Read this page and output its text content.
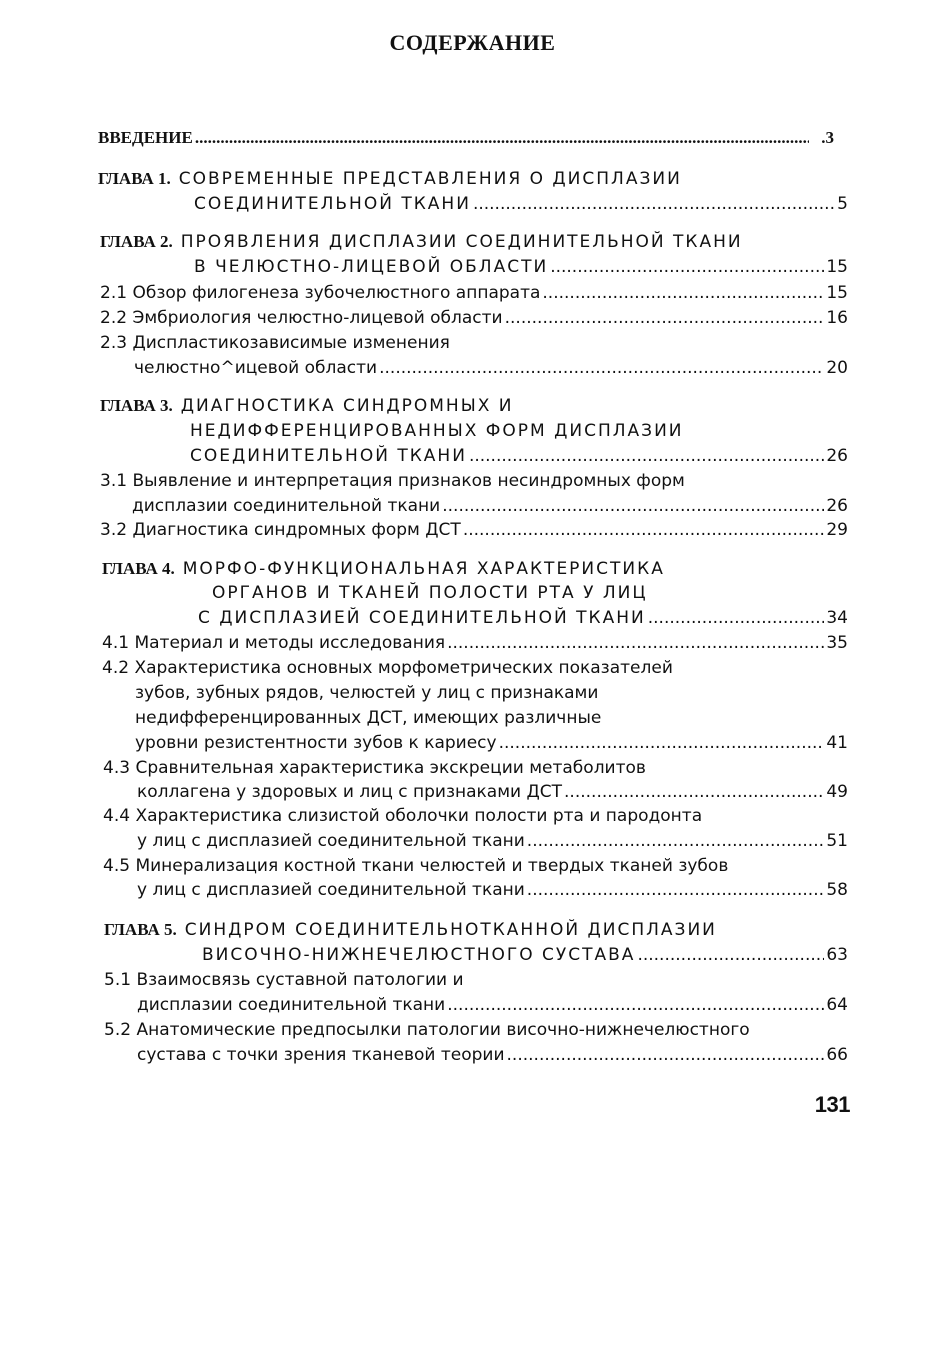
СОДЕРЖАНИЕ
ВВЕДЕНИЕ .....	.3
ГЛАВА 1. СОВРЕМЕННЫЕ ПРЕДСТАВЛЕНИЯ О ДИСПЛАЗИИ
СОЕДИНИТЕЛЬНОЙ ТКАНИ .....	5
ГЛАВА 2. ПРОЯВЛЕНИЯ ДИСПЛАЗИИ СОЕДИНИТЕЛЬНОЙ ТКАНИ
В ЧЕЛЮСТНО-ЛИЦЕВОЙ ОБЛАСТИ .....	15
2.1 Обзор филогенеза зубочелюстного аппарата .....	15
2.2 Эмбриология челюстно-лицевой области .....	16
2.3 Диспластикозависимые изменения
челюстно^ицевой области .....	20
ГЛАВА 3. ДИАГНОСТИКА СИНДРОМНЫХ И
НЕДИФФЕРЕНЦИРОВАННЫХ ФОРМ ДИСПЛАЗИИ
СОЕДИНИТЕЛЬНОЙ ТКАНИ .....	26
3.1 Выявление и интерпретация признаков несиндромных форм
дисплазии соединительной ткани .....	26
3.2 Диагностика синдромных форм ДСТ .....	29
ГЛАВА 4. МОРФО-ФУНКЦИОНАЛЬНАЯ ХАРАКТЕРИСТИКА
ОРГАНОВ И ТКАНЕЙ ПОЛОСТИ РТА У ЛИЦ
С ДИСПЛАЗИЕЙ СОЕДИНИТЕЛЬНОЙ ТКАНИ .....	34
4.1 Материал и методы исследования .....	35
4.2 Характеристика основных морфометрических показателей
зубов, зубных рядов, челюстей у лиц с признаками
недифференцированных ДСТ, имеющих различные
уровни резистентности зубов к кариесу .....	41
4.3 Сравнительная характеристика экскреции метаболитов
коллагена у здоровых и лиц с признаками ДСТ .....	49
4.4 Характеристика слизистой оболочки полости рта и пародонта
у лиц с дисплазией соединительной ткани .....	51
4.5 Минерализация костной ткани челюстей и твердых тканей зубов
у лиц с дисплазией соединительной ткани .....	58
ГЛАВА 5. СИНДРОМ СОЕДИНИТЕЛЬНОТКАННОЙ ДИСПЛАЗИИ
ВИСОЧНО-НИЖНЕЧЕЛЮСТНОГО СУСТАВА .....	63
5.1 Взаимосвязь суставной патологии и
дисплазии соединительной ткани .....	64
5.2 Анатомические предпосылки патологии височно-нижнечелюстного
сустава с точки зрения тканевой теории .....	66
131
